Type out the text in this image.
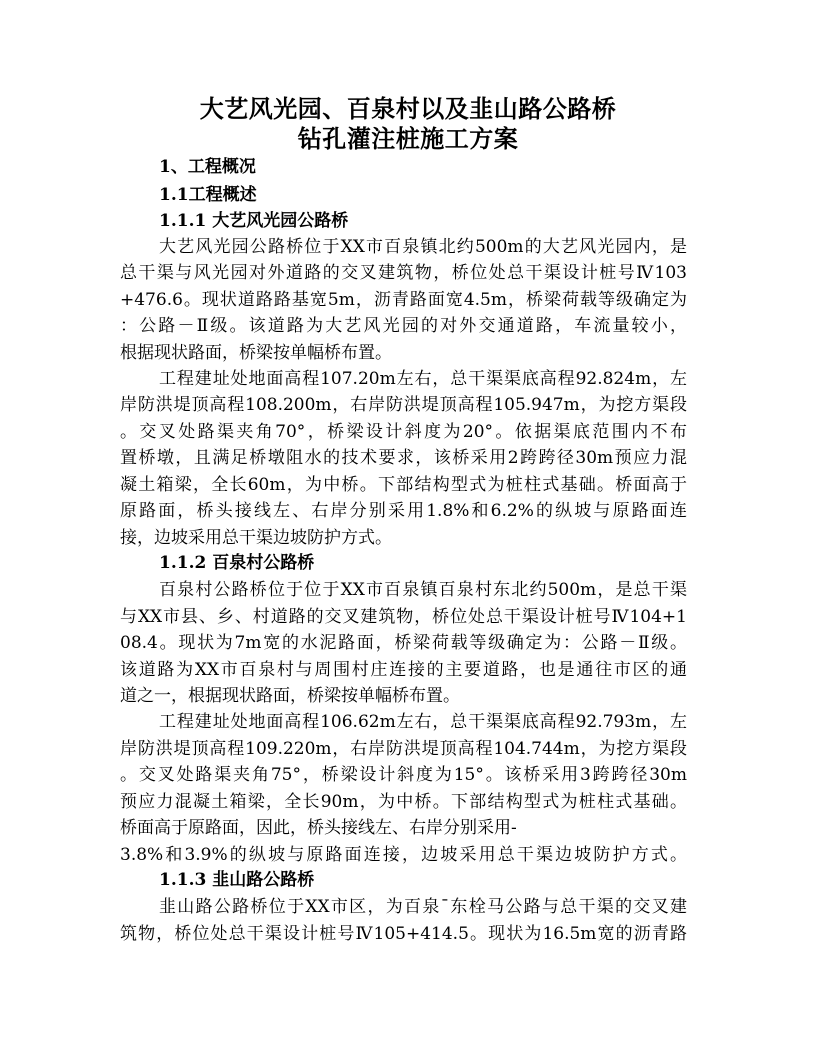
大艺风光园、百泉村以及韭山路公路桥
钻孔灌注桩施工方案
1、工程概况
1.1工程概述
1.1.1 大艺风光园公路桥
大艺风光园公路桥位于XX市百泉镇北约500m的大艺风光园内，是
总干渠与风光园对外道路的交叉建筑物，桥位处总干渠设计桩号Ⅳ103
+476.6。现状道路路基宽5m，沥青路面宽4.5m，桥梁荷载等级确定为
：公路－Ⅱ级。该道路为大艺风光园的对外交通道路，车流量较小，
根据现状路面，桥梁按单幅桥布置。
工程建址处地面高程107.20m左右，总干渠渠底高程92.824m，左
岸防洪堤顶高程108.200m，右岸防洪堤顶高程105.947m，为挖方渠段
。交叉处路渠夹角70°，桥梁设计斜度为20°。依据渠底范围内不布
置桥墩，且满足桥墩阻水的技术要求，该桥采用2跨跨径30m预应力混
凝土箱梁，全长60m，为中桥。下部结构型式为桩柱式基础。桥面高于
原路面，桥头接线左、右岸分别采用1.8%和6.2%的纵坡与原路面连
接，边坡采用总干渠边坡防护方式。
1.1.2 百泉村公路桥
百泉村公路桥位于位于XX市百泉镇百泉村东北约500m，是总干渠
与XX市县、乡、村道路的交叉建筑物，桥位处总干渠设计桩号Ⅳ104+1
08.4。现状为7m宽的水泥路面，桥梁荷载等级确定为：公路－Ⅱ级。
该道路为XX市百泉村与周围村庄连接的主要道路，也是通往市区的通
道之一，根据现状路面，桥梁按单幅桥布置。
工程建址处地面高程106.62m左右，总干渠渠底高程92.793m，左
岸防洪堤顶高程109.220m，右岸防洪堤顶高程104.744m，为挖方渠段
。交叉处路渠夹角75°，桥梁设计斜度为15°。该桥采用3跨跨径30m
预应力混凝土箱梁，全长90m，为中桥。下部结构型式为桩柱式基础。
桥面高于原路面，因此，桥头接线左、右岸分别采用-
3.8%和3.9%的纵坡与原路面连接，边坡采用总干渠边坡防护方式。
1.1.3 韭山路公路桥
韭山路公路桥位于XX市区，为百泉¯东栓马公路与总干渠的交叉建
筑物，桥位处总干渠设计桩号Ⅳ105+414.5。现状为16.5m宽的沥青路
